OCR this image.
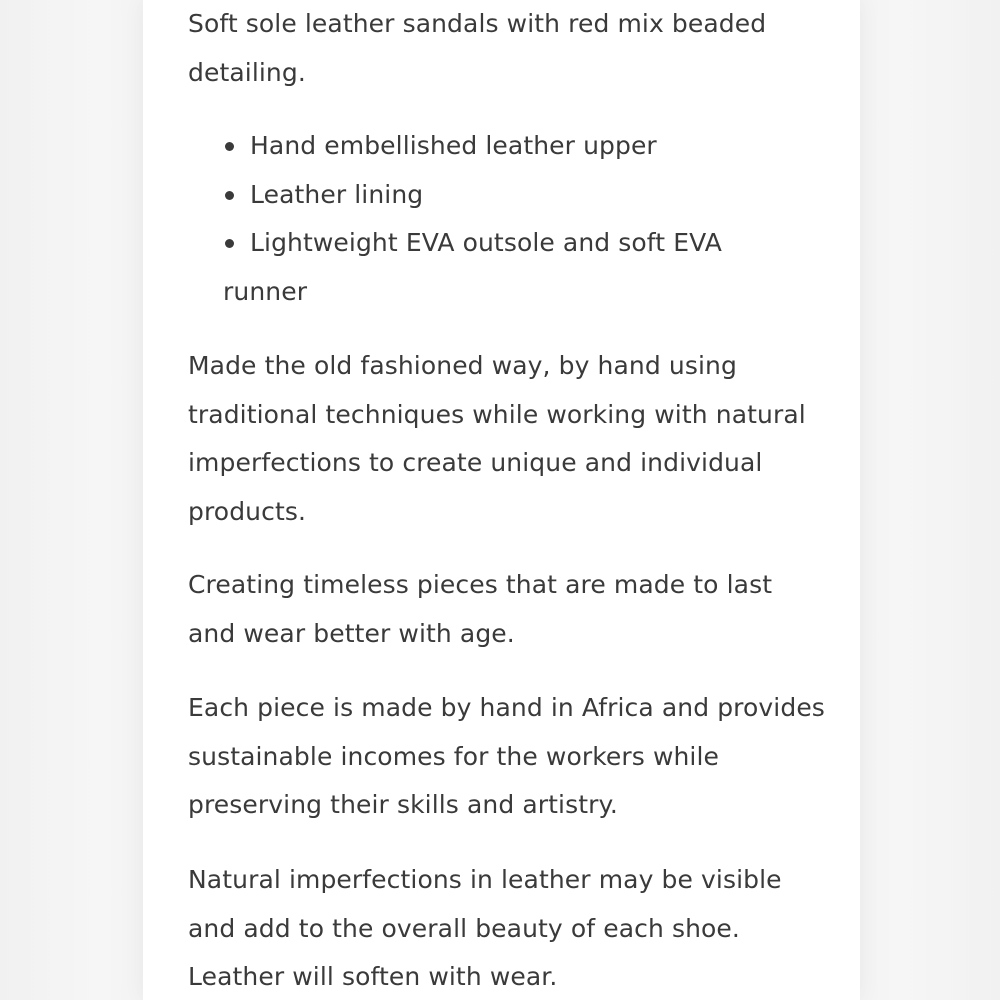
Soft sole leather sandals with red mix beaded detailing.

Hand embellished leather upper
Leather lining
Lightweight EVA outsole and soft EVA runner

Made the old fashioned way, by hand using traditional techniques while working with natural imperfections to create unique and individual products.

Creating timeless pieces that are made to last and wear better with age.

Each piece is made by hand in Africa and provides sustainable incomes for the workers while preserving their skills and artistry.

Natural imperfections in leather may be visible and add to the overall beauty of each shoe. Leather will soften with wear.
